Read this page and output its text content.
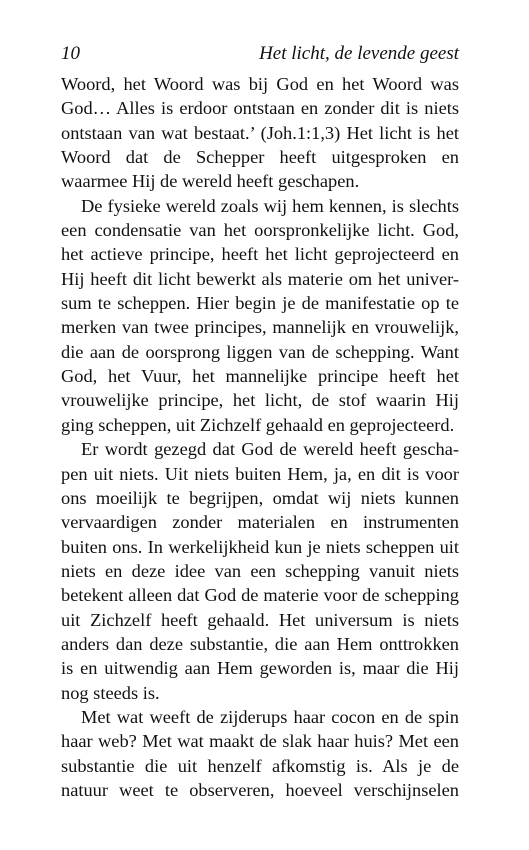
10	Het licht, de levende geest

Woord, het Woord was bij God en het Woord was God… Alles is erdoor ontstaan en zonder dit is niets ontstaan van wat bestaat.’ (Joh.1:1,3) Het licht is het Woord dat de Schepper heeft uitgesproken en waarmee Hij de wereld heeft geschapen.

De fysieke wereld zoals wij hem kennen, is slechts een condensatie van het oorspronkelijke licht. God, het actieve principe, heeft het licht geprojecteerd en Hij heeft dit licht bewerkt als materie om het univer-sum te scheppen. Hier begin je de manifestatie op te merken van twee principes, mannelijk en vrouwelijk, die aan de oorsprong liggen van de schepping. Want God, het Vuur, het mannelijke principe heeft het vrouwelijke principe, het licht, de stof waarin Hij ging scheppen, uit Zichzelf gehaald en geprojecteerd.

Er wordt gezegd dat God de wereld heeft gescha-pen uit niets. Uit niets buiten Hem, ja, en dit is voor ons moeilijk te begrijpen, omdat wij niets kunnen vervaardigen zonder materialen en instrumenten buiten ons. In werkelijkheid kun je niets scheppen uit niets en deze idee van een schepping vanuit niets betekent alleen dat God de materie voor de schepping uit Zichzelf heeft gehaald. Het universum is niets anders dan deze substantie, die aan Hem onttrokken is en uitwendig aan Hem geworden is, maar die Hij nog steeds is.

Met wat weeft de zijderups haar cocon en de spin haar web? Met wat maakt de slak haar huis? Met een substantie die uit henzelf afkomstig is. Als je de natuur weet te observeren, hoeveel verschijnselen
